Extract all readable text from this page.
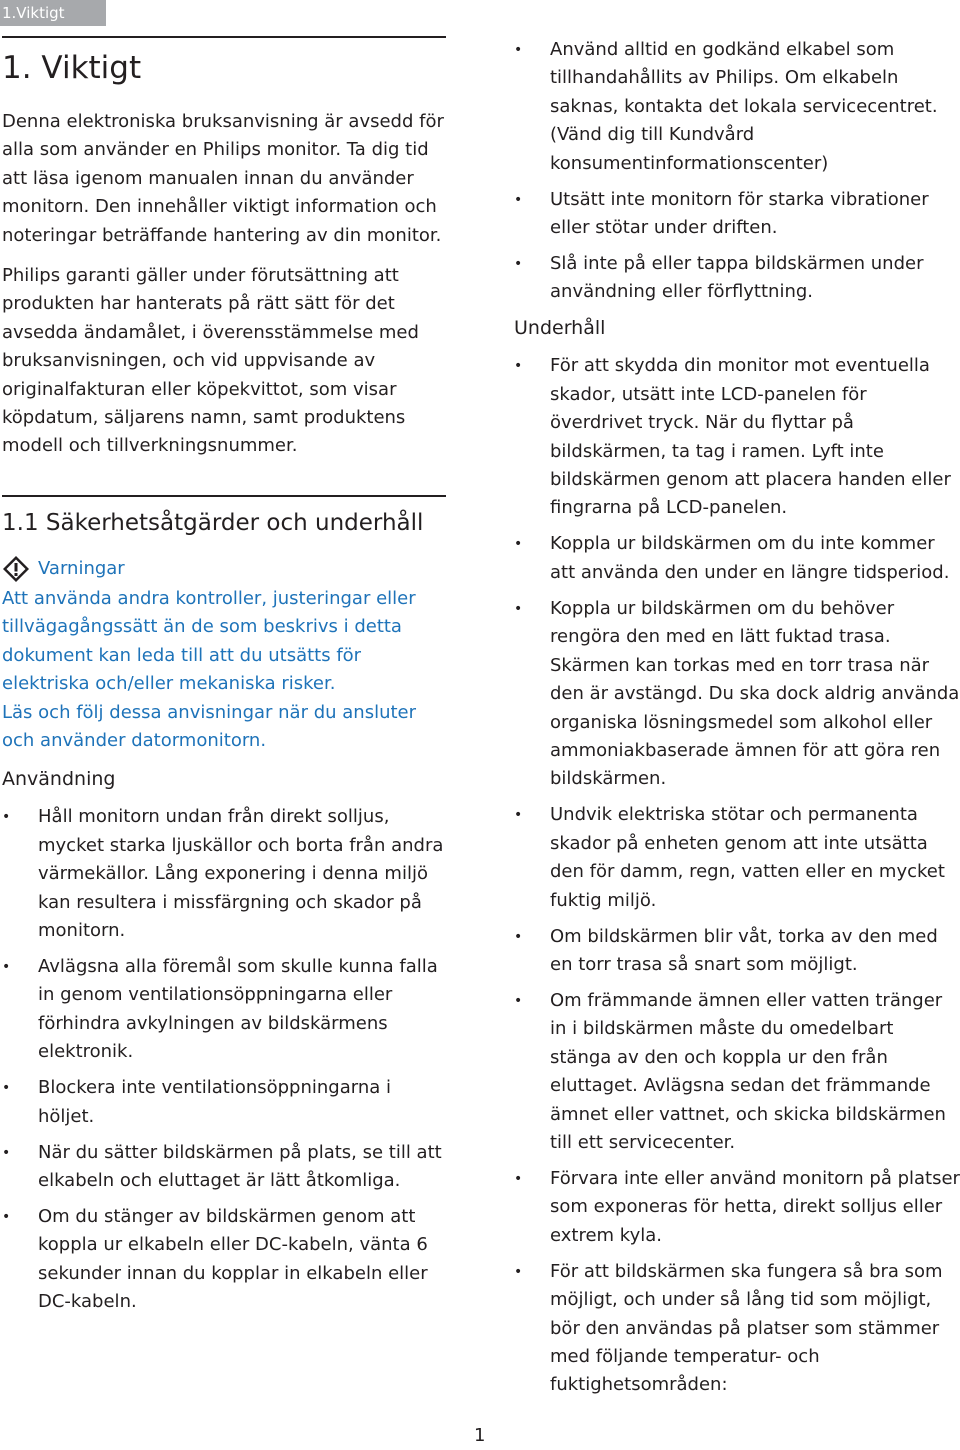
1.Viktigt
1. Viktigt

Denna elektroniska bruksanvisning är avsedd för alla som använder en Philips monitor. Ta dig tid att läsa igenom manualen innan du använder monitorn. Den innehåller viktigt information och noteringar beträffande hantering av din monitor.

Philips garanti gäller under förutsättning att produkten har hanterats på rätt sätt för det avsedda ändamålet, i överensstämmelse med bruksanvisningen, och vid uppvisande av originalfakturan eller köpekvittot, som visar köpdatum, säljarens namn, samt produktens modell och tillverkningsnummer.

1.1 Säkerhetsåtgärder och underhåll
Varningar
Att använda andra kontroller, justeringar eller tillvägagångssätt än de som beskrivs i detta dokument kan leda till att du utsätts för elektriska och/eller mekaniska risker.
Läs och följ dessa anvisningar när du ansluter och använder datormonitorn.
Användning
• Håll monitorn undan från direkt solljus, mycket starka ljuskällor och borta från andra värmekällor. Lång exponering i denna miljö kan resultera i missfärgning och skador på monitorn.
• Avlägsna alla föremål som skulle kunna falla in genom ventilationsöppningarna eller förhindra avkylningen av bildskärmens elektronik.
• Blockera inte ventilationsöppningarna i höljet.
• När du sätter bildskärmen på plats, se till att elkabeln och eluttaget är lätt åtkomliga.
• Om du stänger av bildskärmen genom att koppla ur elkabeln eller DC-kabeln, vänta 6 sekunder innan du kopplar in elkabeln eller DC-kabeln.
• Använd alltid en godkänd elkabel som tillhandahållits av Philips. Om elkabeln saknas, kontakta det lokala servicecentret. (Vänd dig till Kundvård konsumentinformationscenter)
• Utsätt inte monitorn för starka vibrationer eller stötar under driften.
• Slå inte på eller tappa bildskärmen under användning eller förflyttning.
Underhåll
• För att skydda din monitor mot eventuella skador, utsätt inte LCD-panelen för överdrivet tryck. När du flyttar på bildskärmen, ta tag i ramen. Lyft inte bildskärmen genom att placera handen eller fingrarna på LCD-panelen.
• Koppla ur bildskärmen om du inte kommer att använda den under en längre tidsperiod.
• Koppla ur bildskärmen om du behöver rengöra den med en lätt fuktad trasa. Skärmen kan torkas med en torr trasa när den är avstängd. Du ska dock aldrig använda organiska lösningsmedel som alkohol eller ammoniakbaserade ämnen för att göra ren bildskärmen.
• Undvik elektriska stötar och permanenta skador på enheten genom att inte utsätta den för damm, regn, vatten eller en mycket fuktig miljö.
• Om bildskärmen blir våt, torka av den med en torr trasa så snart som möjligt.
• Om främmande ämnen eller vatten tränger in i bildskärmen måste du omedelbart stänga av den och koppla ur den från eluttaget. Avlägsna sedan det främmande ämnet eller vattnet, och skicka bildskärmen till ett servicecenter.
• Förvara inte eller använd monitorn på platser som exponeras för hetta, direkt solljus eller extrem kyla.
• För att bildskärmen ska fungera så bra som möjligt, och under så lång tid som möjligt, bör den användas på platser som stämmer med följande temperatur- och fuktighetsområden:
1
